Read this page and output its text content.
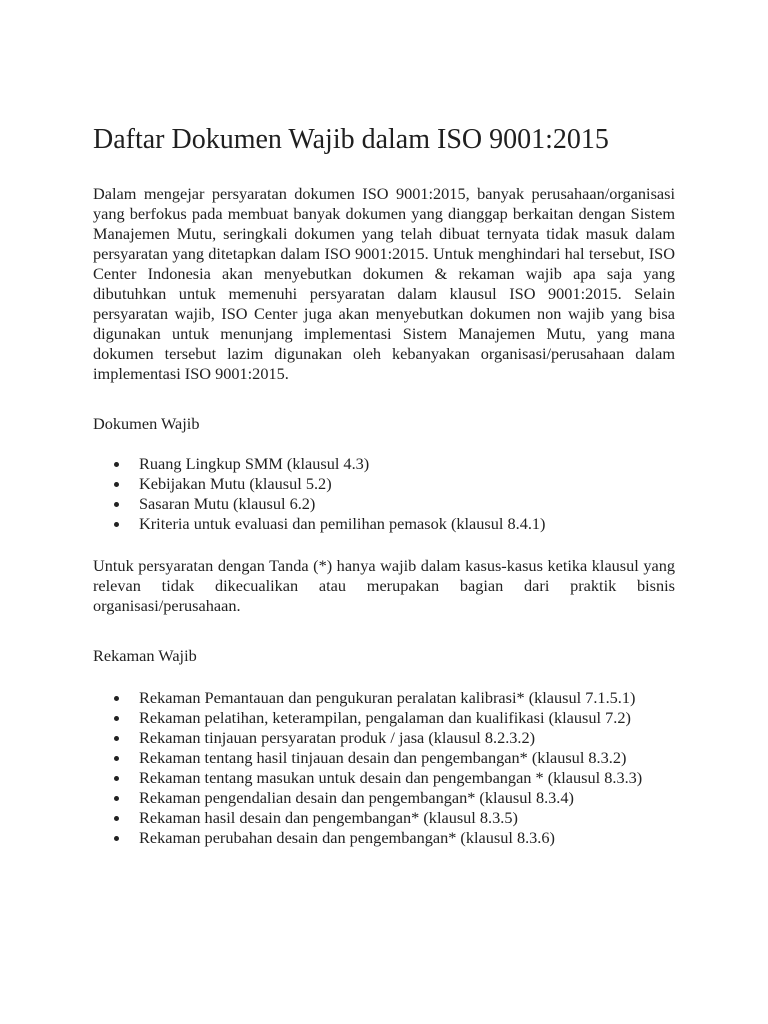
Daftar Dokumen Wajib dalam ISO 9001:2015

Dalam mengejar persyaratan dokumen ISO 9001:2015, banyak perusahaan/organisasi yang berfokus pada membuat banyak dokumen yang dianggap berkaitan dengan Sistem Manajemen Mutu, seringkali dokumen yang telah dibuat ternyata tidak masuk dalam persyaratan yang ditetapkan dalam ISO 9001:2015. Untuk menghindari hal tersebut, ISO Center Indonesia akan menyebutkan dokumen & rekaman wajib apa saja yang dibutuhkan untuk memenuhi persyaratan dalam klausul ISO 9001:2015. Selain persyaratan wajib, ISO Center juga akan menyebutkan dokumen non wajib yang bisa digunakan untuk menunjang implementasi Sistem Manajemen Mutu, yang mana dokumen tersebut lazim digunakan oleh kebanyakan organisasi/perusahaan dalam implementasi ISO 9001:2015.

Dokumen Wajib

Ruang Lingkup SMM (klausul 4.3)
Kebijakan Mutu (klausul 5.2)
Sasaran Mutu (klausul 6.2)
Kriteria untuk evaluasi dan pemilihan pemasok (klausul 8.4.1)

Untuk persyaratan dengan Tanda (*) hanya wajib dalam kasus-kasus ketika klausul yang relevan tidak dikecualikan atau merupakan bagian dari praktik bisnis organisasi/perusahaan.

Rekaman Wajib

Rekaman Pemantauan dan pengukuran peralatan kalibrasi* (klausul 7.1.5.1)
Rekaman pelatihan, keterampilan, pengalaman dan kualifikasi (klausul 7.2)
Rekaman tinjauan persyaratan produk / jasa (klausul 8.2.3.2)
Rekaman tentang hasil tinjauan desain dan pengembangan* (klausul 8.3.2)
Rekaman tentang masukan untuk desain dan pengembangan * (klausul 8.3.3)
Rekaman pengendalian desain dan pengembangan* (klausul 8.3.4)
Rekaman hasil desain dan pengembangan* (klausul 8.3.5)
Rekaman perubahan desain dan pengembangan* (klausul 8.3.6)
